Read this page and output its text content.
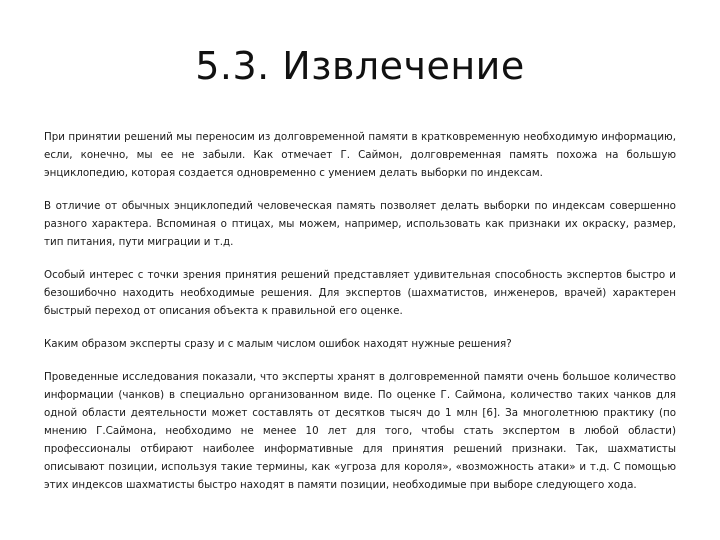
5.3. Извлечение

При принятии решений мы переносим из долговременной памяти в кратковременную необходимую информацию, если, конечно, мы ее не забыли. Как отмечает Г. Саймон, долговременная память похожа на большую энциклопедию, которая создается одновременно с умением делать выборки по индексам.

В отличие от обычных энциклопедий человеческая память позволяет делать выборки по индексам совершенно разного характера. Вспоминая о птицах, мы можем, например, использовать как признаки их окраску, размер, тип питания, пути миграции и т.д.

Особый интерес с точки зрения принятия решений представляет удивительная способность экспертов быстро и безошибочно находить необходимые решения. Для экспертов (шахматистов, инженеров, врачей) характерен быстрый переход от описания объекта к правильной его оценке.

Каким образом эксперты сразу и с малым числом ошибок находят нужные решения?

Проведенные исследования показали, что эксперты хранят в долговременной памяти очень большое количество информации (чанков) в специально организованном виде. По оценке Г. Саймона, количество таких чанков для одной области деятельности может составлять от десятков тысяч до 1 млн [6]. За многолетнюю практику (по мнению Г.Саймона, необходимо не менее 10 лет для того, чтобы стать экспертом в любой области) профессионалы отбирают наиболее информативные для принятия решений признаки. Так, шахматисты описывают позиции, используя такие термины, как «угроза для короля», «возможность атаки» и т.д. С помощью этих индексов шахматисты быстро находят в памяти позиции, необходимые при выборе следующего хода.
